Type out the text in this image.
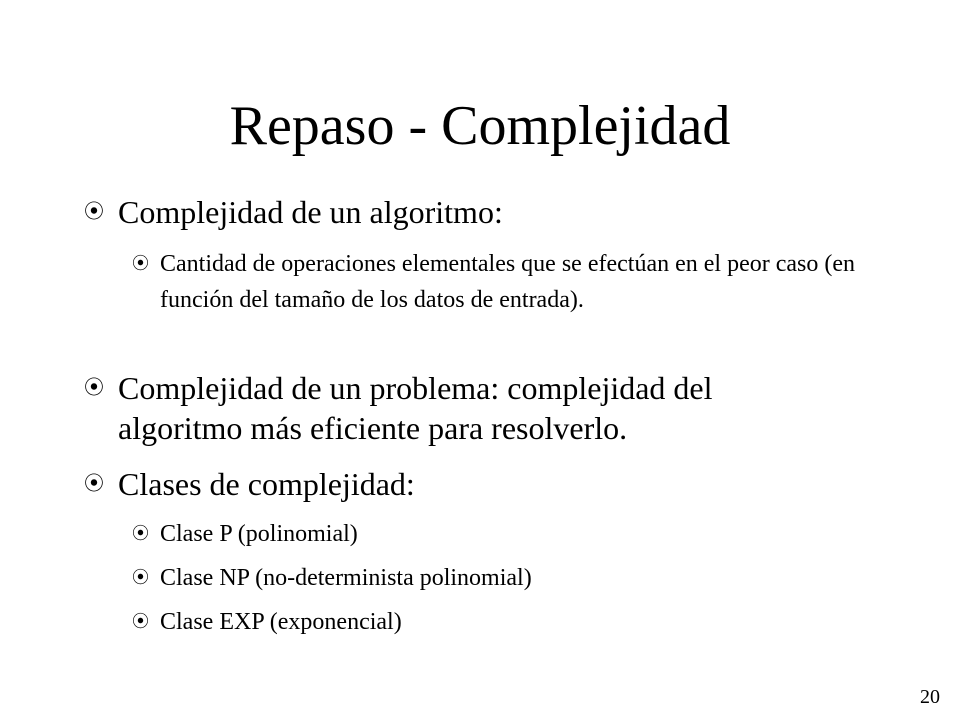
Repaso - Complejidad
⦿ Complejidad de un algoritmo:
⦿ Cantidad de operaciones elementales que se efectúan en el peor caso (en función del tamaño de los datos de entrada).
⦿ Complejidad de un problema: complejidad del algoritmo más eficiente para resolverlo.
⦿ Clases de complejidad:
⦿ Clase P (polinomial)
⦿ Clase NP (no-determinista polinomial)
⦿ Clase EXP (exponencial)
20
